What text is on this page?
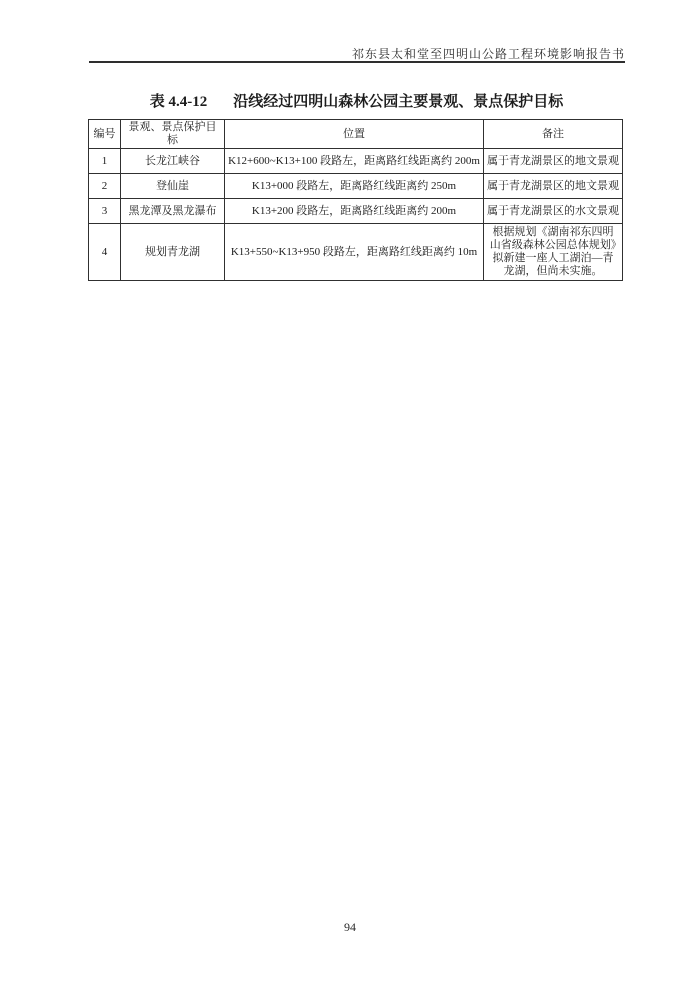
祁东县太和堂至四明山公路工程环境影响报告书
表 4.4-12 沿线经过四明山森林公园主要景观、景点保护目标
编号	景观、景点保护目标	位置	备注
1	长龙江峡谷	K12+600~K13+100 段路左，距离路红线距离约 200m	属于青龙湖景区的地文景观
2	登仙崖	K13+000 段路左，距离路红线距离约 250m	属于青龙湖景区的地文景观
3	黑龙潭及黑龙瀑布	K13+200 段路左，距离路红线距离约 200m	属于青龙湖景区的水文景观
4	规划青龙湖	K13+550~K13+950 段路左，距离路红线距离约 10m	根据规划《湖南祁东四明山省级森林公园总体规划》拟新建一座人工湖泊—青龙湖，但尚未实施。
94
